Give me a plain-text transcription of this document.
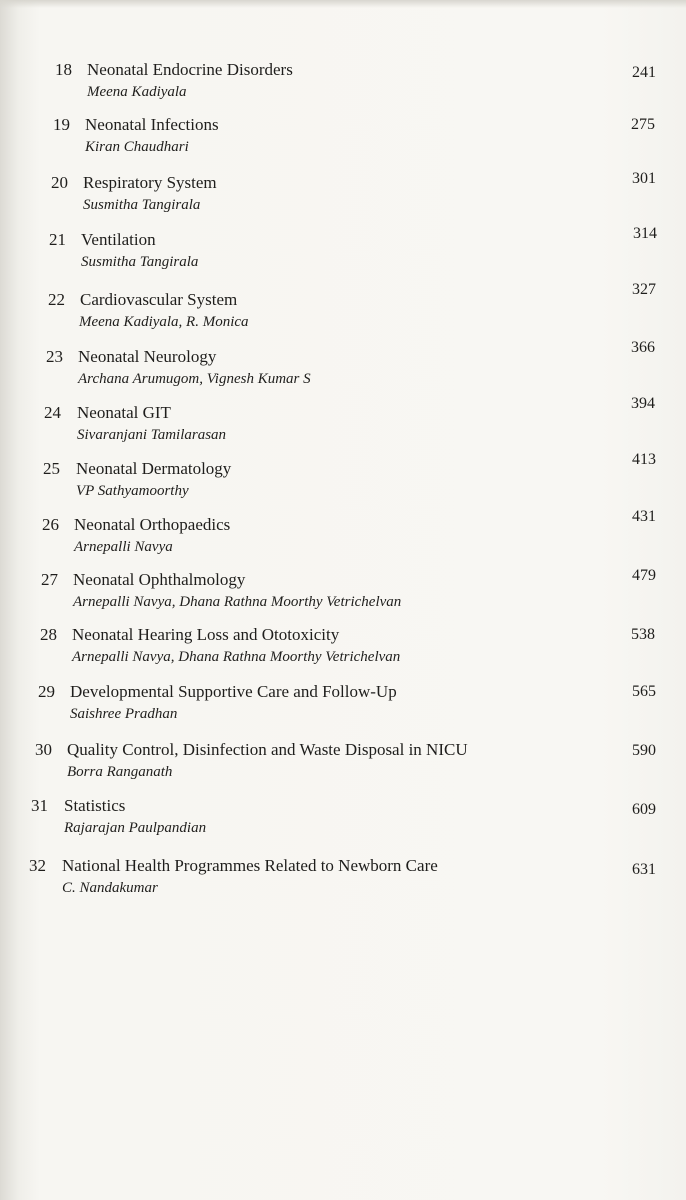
18 Neonatal Endocrine Disorders
Meena Kadiyala
241
19 Neonatal Infections
Kiran Chaudhari
275
20 Respiratory System
Susmitha Tangirala
301
21 Ventilation
Susmitha Tangirala
314
22 Cardiovascular System
Meena Kadiyala, R. Monica
327
23 Neonatal Neurology
Archana Arumugom, Vignesh Kumar S
366
24 Neonatal GIT
Sivaranjani Tamilarasan
394
25 Neonatal Dermatology
VP Sathyamoorthy
413
26 Neonatal Orthopaedics
Arnepalli Navya
431
27 Neonatal Ophthalmology
Arnepalli Navya, Dhana Rathna Moorthy Vetrichelvan
479
28 Neonatal Hearing Loss and Ototoxicity
Arnepalli Navya, Dhana Rathna Moorthy Vetrichelvan
538
29 Developmental Supportive Care and Follow-Up
Saishree Pradhan
565
30 Quality Control, Disinfection and Waste Disposal in NICU
Borra Ranganath
590
31 Statistics
Rajarajan Paulpandian
609
32 National Health Programmes Related to Newborn Care
C. Nandakumar
631
